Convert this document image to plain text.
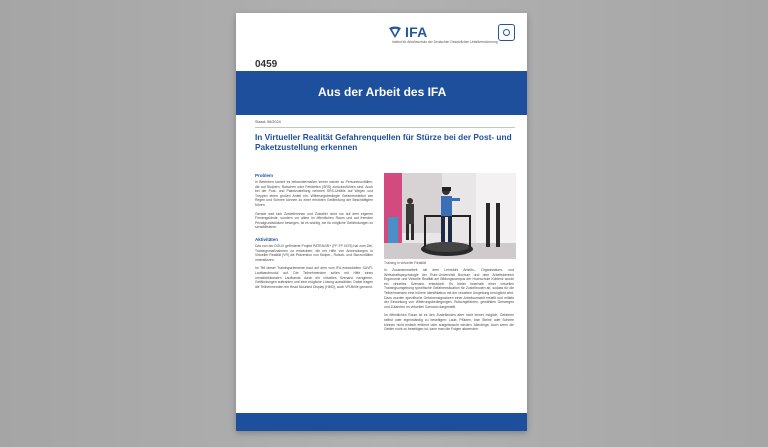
IFA
Institut für Arbeitsschutz der Deutschen Gesetzlichen Unfallversicherung
0459
Aus der Arbeit des IFA
Stand: 06/2024
In Virtueller Realität Gefahrenquellen für Stürze bei der Post- und Paketzustellung erkennen
Problem
In Betrieben kommt es bekanntermaßen immer wieder zu Personenunfällen, die auf Stolpern, Rutschen oder Fehltreten (SRS) zurückzuführen sind. Auch bei der Post- und Paketzustellung nehmen SRS-Unfälle auf Wegen und Treppen einen großen Anteil ein. Witterungsbedingte Gefahrenstellen wie Regen und Schnee können zu einer erhöhten Gefährdung der Beschäftigten führen.
Gerade weil sich Zustellerinnen und Zusteller nicht nur auf dem eigenen Firmengelände, sondern vor allem im öffentlichen Raum und auf fremden Privatgrundstücken bewegen, ist es wichtig, sie für mögliche Gefährdungen zu sensibilisieren.
Aktivitäten
Das von der DGUV geförderte Projekt PATRAVIR+ (FF-FP 0475) hat zum Ziel, Trainingsmaßnahmen zu entwickeln, die mit Hilfe von Anwendungen in Virtueller Realität (VR) die Prävention von Stolper-, Rutsch- und Sturzunfällen unterstützen.
Im Teil dieser Trainingselemente baut auf dem vom IFA entwickelten SUVR-Laufbandmodul auf. Die Teilnehmenden sollen mit Hilfe eines omnidirektionalen Laufbands durch ein virtuelles Szenario navigieren. Gefährdungen auftrahlen und eine mögliche Lösung auswählen. Dabei tragen die Teilnehmenden ein Head Mounted Display (HMD), auch VR-Brille genannt.
Training in virtueller Realität
In Zusammenarbeit mit dem Lehrstuhl Arbeits-, Organisations- und Wirtschaftspsychologie der Ruhr-Universität Bochum und dem Arbeitsbereich Ergonomie und Virtuelle Realität am Bildungscampus der Hochschule Koblenz wurde ein virtuelles Szenario entwickelt. Es bildet innerhalb einer virtuellen Trainingsumgebung spezifische Gefahrensituation für Zustellrouten ab, sodass für die Teilnehmenden eine höhere Identifikation mit der virtuellen Umgebung ermöglicht wird. Dazu wurden spezifische Gefahrensignaturen einer Arbeitsumwelt erstellt und mittels der Einwirkung von Witterungsbedingungen, Rutschgefahren, gewählten Gehwegen und Zufahrten im virtuellen Szenario dargestellt.
Im öffentlichen Raum ist es den Zustellenden aber nicht immer möglich, Gefahren selbst oder eigenständig zu beseitigen: Laub, Pfützen, lose Steine oder Schnee können nicht einfach entfernt oder ausgetauscht werden. Allerdings: Auch wenn die Gefahr nicht zu beseitigen ist, kann man die Folgen abwenden.
